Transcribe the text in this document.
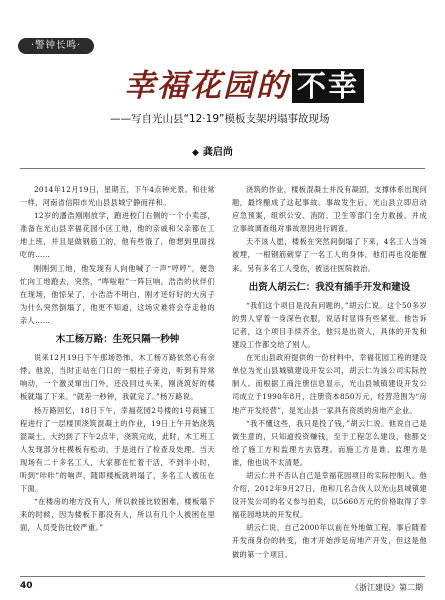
·警钟长鸣·
幸福花园的 不幸
——写自光山县“12·19”模板支架坍塌事故现场
◆ 龚启尚

2014年12月19日，星期五，下午4点钟光景。和往常一样，河南省信阳市光山县县城宁静而祥和。

12岁的潘浩刚刚放学，跑进校门右侧的一个小卖部，准备在光山县幸福花园小区工地，他的亲戚和父亲都在工地上班，并且是做钢筋工的，他有些饿了，他想到里面找吃的……

刚刚到工地，他发现有人向他喊了一声“哼哼”，便急忙向工地跑去，突然，“哗啦啦”一阵巨响，浩浩的伙伴们在现场，他惊呆了，小浩浩不明白，刚才还好好的大房子为什么突然倒塌了，他更不知道，这场灾难将会夺走他的亲人……

木工杨万路：生死只隔一秒钟

说来12月19日下午那场恐怖，木工杨万路依然心有余悸。他说，当时正站在门口的一根柱子旁边，听到有异常响动，一个激灵窜出门外，还没回过头来，刚浇筑好的楼板就塌了下来。“就差一秒钟，我就完了。”杨万路说。

杨万路回忆，18日下午，幸福花园2号楼的1号商铺工程进行了一层楼顶浇筑混凝土的作业，19日上午开始浇筑混凝土。大约到了下午2点半，浇筑完成，此时，木工班工人发现部分柱模板有松动，于是进行了检查及处理。当天现场有二十多名工人，大家都在忙着干活，不到半小时，听到“咔咔”的响声，随即楼板就坍塌了，多名工人被压在下面。

“在楼房的地方没有人，所以救援比较困难，楼板塌下来的时候，因为楼板下都没有人，所以有几个人被困在里面，人员受伤比较严重。”

浇筑的作业，楼板混凝土并没有凝固，支撑体系出现问题，最终酿成了这起事故。事故发生后，光山县立即启动应急预案，组织公安、消防、卫生等部门全力救援，并成立事故调查组对事故原因进行调查。

天不该人愿，楼板在突然间倒塌了下来，4名工人当场被埋，一根钢筋刺穿了一名工人的身体，他们再也没能醒来。另有多名工人受伤，被送往医院救治。

出资人胡云仁：我没有插手开发和建设

“我们这个项目是没有问题的，”胡云仁说。这个50多岁的男人穿着一身深色衣服，说话时显得有些紧张。他告诉记者，这个项目手续齐全，他只是出资人，具体的开发和建设工作都交给了别人。

在光山县政府提供的一份材料中，幸福花园工程的建设单位为光山县城镇建设开发公司，胡云仁为该公司实际控制人。而根据工商注册信息显示，光山县城镇建设开发公司成立于1990年8月，注册资本850万元，经营范围为“房地产开发经营”，是光山县一家具有资质的房地产企业。

“我不懂这些，我只是投了钱，”胡云仁说。他说自己是做生意的，只知道投资赚钱，至于工程怎么建设，他都交给了施工方和监理方去管理。而施工方是谁、监理方是谁，他也说不太清楚。

胡云仁并不否认自己是幸福花园项目的实际控制人。他介绍，2012年9月27日，他和几名合伙人以光山县城镇建设开发公司的名义参与拍卖，以5660万元的价格取得了幸福花园地块的开发权。

胡云仁说，自己2000年以前在外地做工程，事后随着开发商身份的转变，他才开始涉足房地产开发，但这是他做的第一个项目。

40	《浙江建设》第二期
